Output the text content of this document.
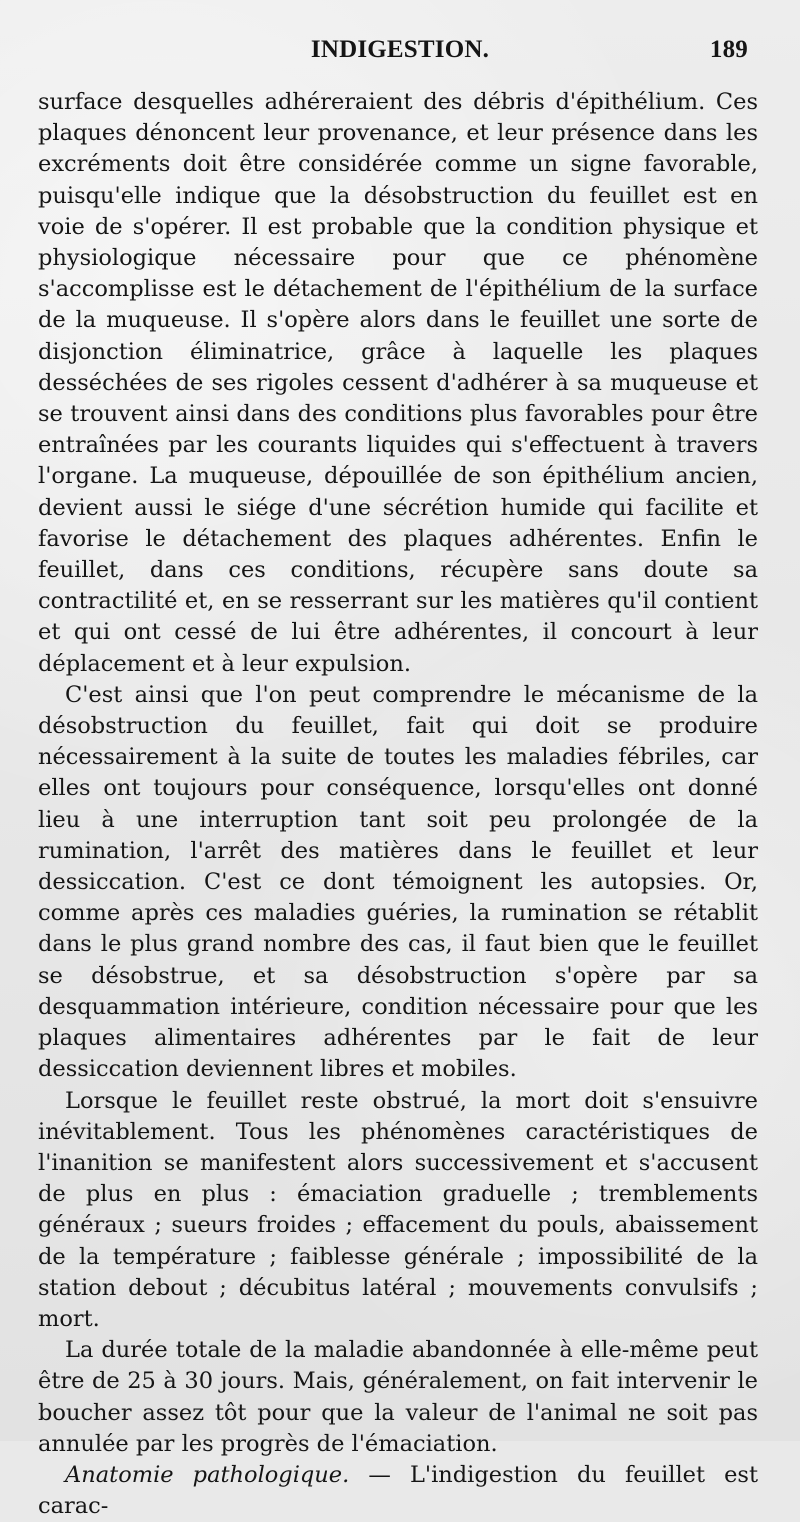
INDIGESTION.	189

surface desquelles adhéreraient des débris d'épithélium. Ces plaques dénoncent leur provenance, et leur présence dans les excréments doit être considérée comme un signe favorable, puisqu'elle indique que la désobstruction du feuillet est en voie de s'opérer. Il est probable que la condition physique et physiologique nécessaire pour que ce phénomène s'accomplisse est le détachement de l'épithélium de la surface de la muqueuse. Il s'opère alors dans le feuillet une sorte de disjonction éliminatrice, grâce à laquelle les plaques desséchées de ses rigoles cessent d'adhérer à sa muqueuse et se trouvent ainsi dans des conditions plus favorables pour être entraînées par les courants liquides qui s'effectuent à travers l'organe. La muqueuse, dépouillée de son épithélium ancien, devient aussi le siége d'une sécrétion humide qui facilite et favorise le détachement des plaques adhérentes. Enfin le feuillet, dans ces conditions, récupère sans doute sa contractilité et, en se resserrant sur les matières qu'il contient et qui ont cessé de lui être adhérentes, il concourt à leur déplacement et à leur expulsion.

C'est ainsi que l'on peut comprendre le mécanisme de la désobstruction du feuillet, fait qui doit se produire nécessairement à la suite de toutes les maladies fébriles, car elles ont toujours pour conséquence, lorsqu'elles ont donné lieu à une interruption tant soit peu prolongée de la rumination, l'arrêt des matières dans le feuillet et leur dessiccation. C'est ce dont témoignent les autopsies. Or, comme après ces maladies guéries, la rumination se rétablit dans le plus grand nombre des cas, il faut bien que le feuillet se désobstrue, et sa désobstruction s'opère par sa desquammation intérieure, condition nécessaire pour que les plaques alimentaires adhérentes par le fait de leur dessiccation deviennent libres et mobiles.

Lorsque le feuillet reste obstrué, la mort doit s'ensuivre inévitablement. Tous les phénomènes caractéristiques de l'inanition se manifestent alors successivement et s'accusent de plus en plus : émaciation graduelle ; tremblements généraux ; sueurs froides ; effacement du pouls, abaissement de la température ; faiblesse générale ; impossibilité de la station debout ; décubitus latéral ; mouvements convulsifs ; mort.

La durée totale de la maladie abandonnée à elle-même peut être de 25 à 30 jours. Mais, généralement, on fait intervenir le boucher assez tôt pour que la valeur de l'animal ne soit pas annulée par les progrès de l'émaciation.

Anatomie pathologique. — L'indigestion du feuillet est carac-
